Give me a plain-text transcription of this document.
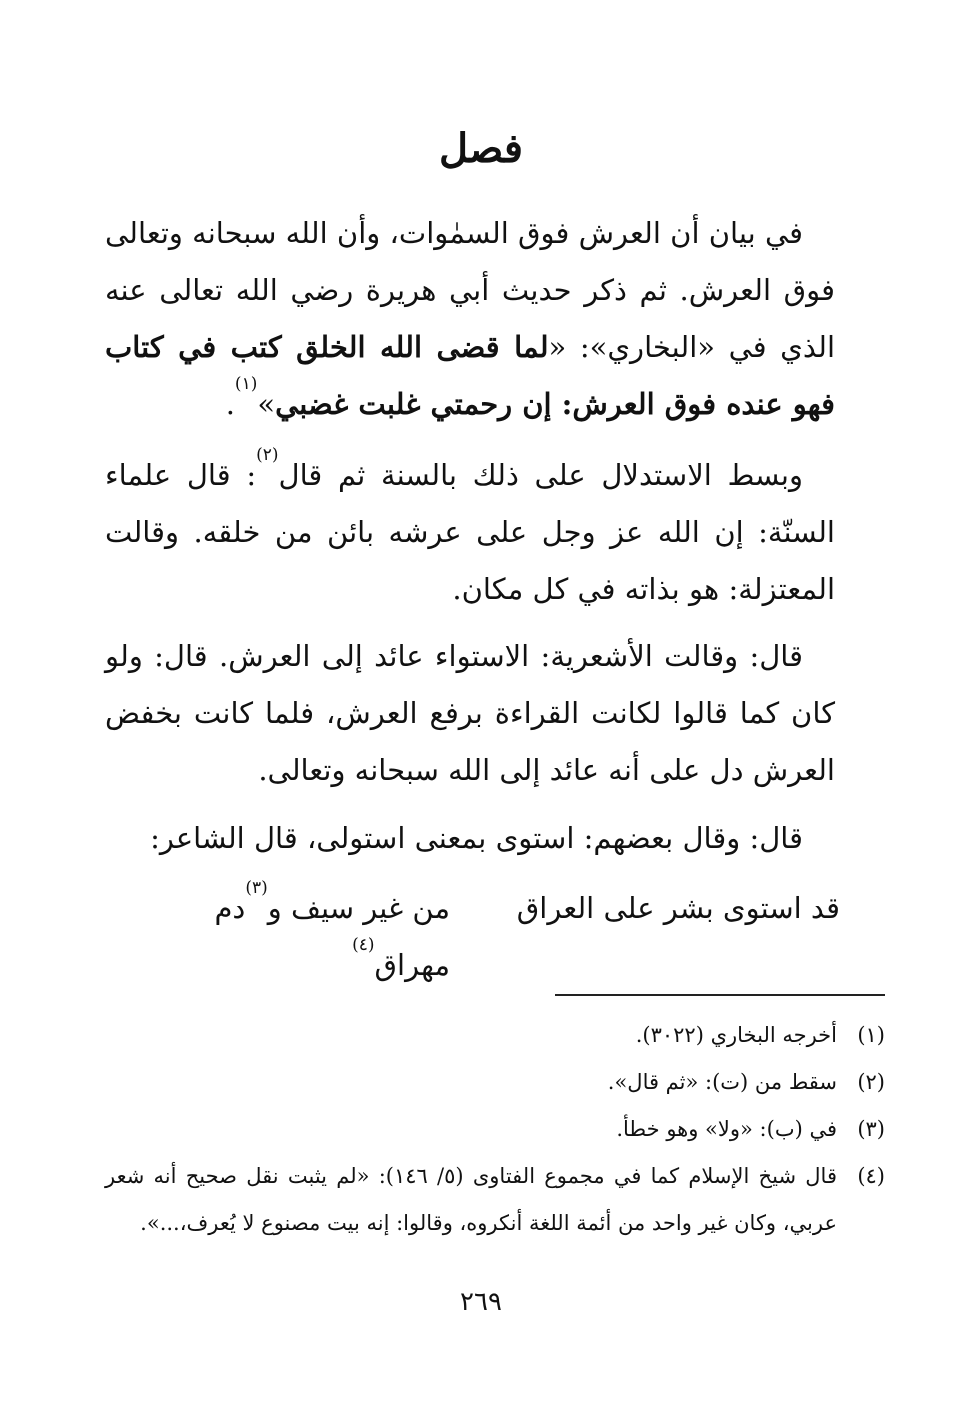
فصل
في بيان أن العرش فوق السمٰوات، وأن الله سبحانه وتعالى فوق العرش. ثم ذكر حديث أبي هريرة رضي الله تعالى عنه الذي في «البخاري»: «لما قضى الله الخلق كتب في كتاب فهو عنده فوق العرش: إن رحمتي غلبت غضبي»$^{(١)}$.
وبسط الاستدلال على ذلك بالسنة ثم قال$^{(٢)}$: قال علماء السنّة: إن الله عز وجل على عرشه بائن من خلقه. وقالت المعتزلة: هو بذاته في كل مكان.
قال: وقالت الأشعرية: الاستواء عائد إلى العرش. قال: ولو كان كما قالوا لكانت القراءة برفع العرش، فلما كانت بخفض العرش دل على أنه عائد إلى الله سبحانه وتعالى.
قال: وقال بعضهم: استوى بمعنى استولى، قال الشاعر:
قد استوى بشر على العراق
من غير سيف و$^{(٣)}$دم مهراق$^{(٤)}$
(١)
أخرجه البخاري (٣٠٢٢).
(٢)
سقط من (ت): «ثم قال».
(٣)
في (ب): «ولا» وهو خطأ.
(٤)
قال شيخ الإسلام كما في مجموع الفتاوى (٥/ ١٤٦): «لم يثبت نقل صحيح أنه شعر عربي، وكان غير واحد من أئمة اللغة أنكروه، وقالوا: إنه بيت مصنوع لا يُعرف،...».
٢٦٩
